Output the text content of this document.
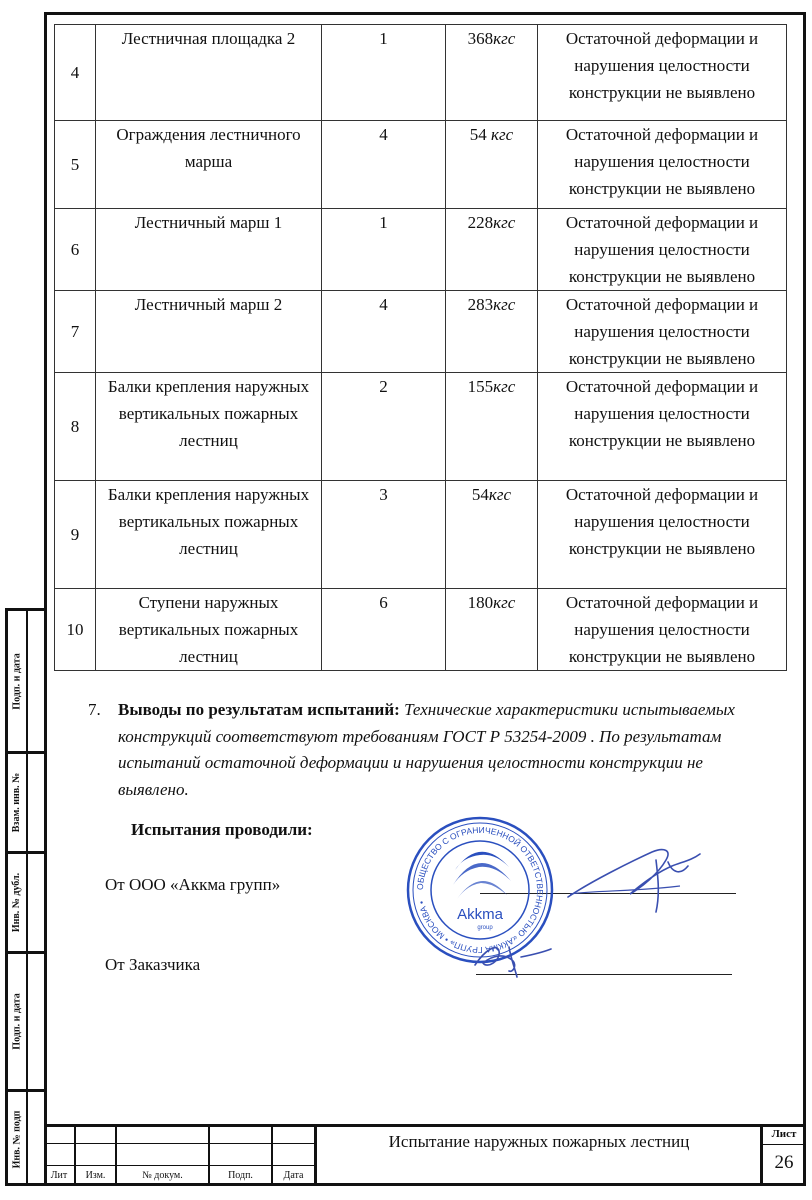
Подп. и дата
Взам. инв. №
Инв. № дубл.
Подп. и дата
Инв. № подп
4	Лестничная площадка 2	1	368кгс	Остаточной деформации и нарушения целостности конструкции не выявлено
5	Ограждения лестничного марша	4	54 кгс	Остаточной деформации и нарушения целостности конструкции не выявлено
6	Лестничный марш 1	1	228кгс	Остаточной деформации и нарушения целостности конструкции не выявлено
7	Лестничный марш 2	4	283кгс	Остаточной деформации и нарушения целостности конструкции не выявлено
8	Балки крепления наружных вертикальных пожарных лестниц	2	155кгс	Остаточной деформации и нарушения целостности конструкции не выявлено
9	Балки крепления наружных вертикальных пожарных лестниц	3	54кгс	Остаточной деформации и нарушения целостности конструкции не выявлено
10	Ступени наружных вертикальных пожарных лестниц	6	180кгс	Остаточной деформации и нарушения целостности конструкции не выявлено
7. Выводы по результатам испытаний: Технические характеристики испытываемых конструкций соответствуют требованиям ГОСТ Р 53254-2009 . По результатам испытаний остаточной деформации и нарушения целостности конструкции не выявлено.
Испытания проводили:
От ООО «Аккма групп»
От Заказчика
ОБЩЕСТВО С ОГРАНИЧЕННОЙ ОТВЕТСТВЕННОСТЬЮ «АККМА ГРУПП» • МОСКВА •
Akkma
group
Лит	Изм.	№ докум.	Подп.	Дата
Испытание наружных пожарных лестниц	Лист
26
